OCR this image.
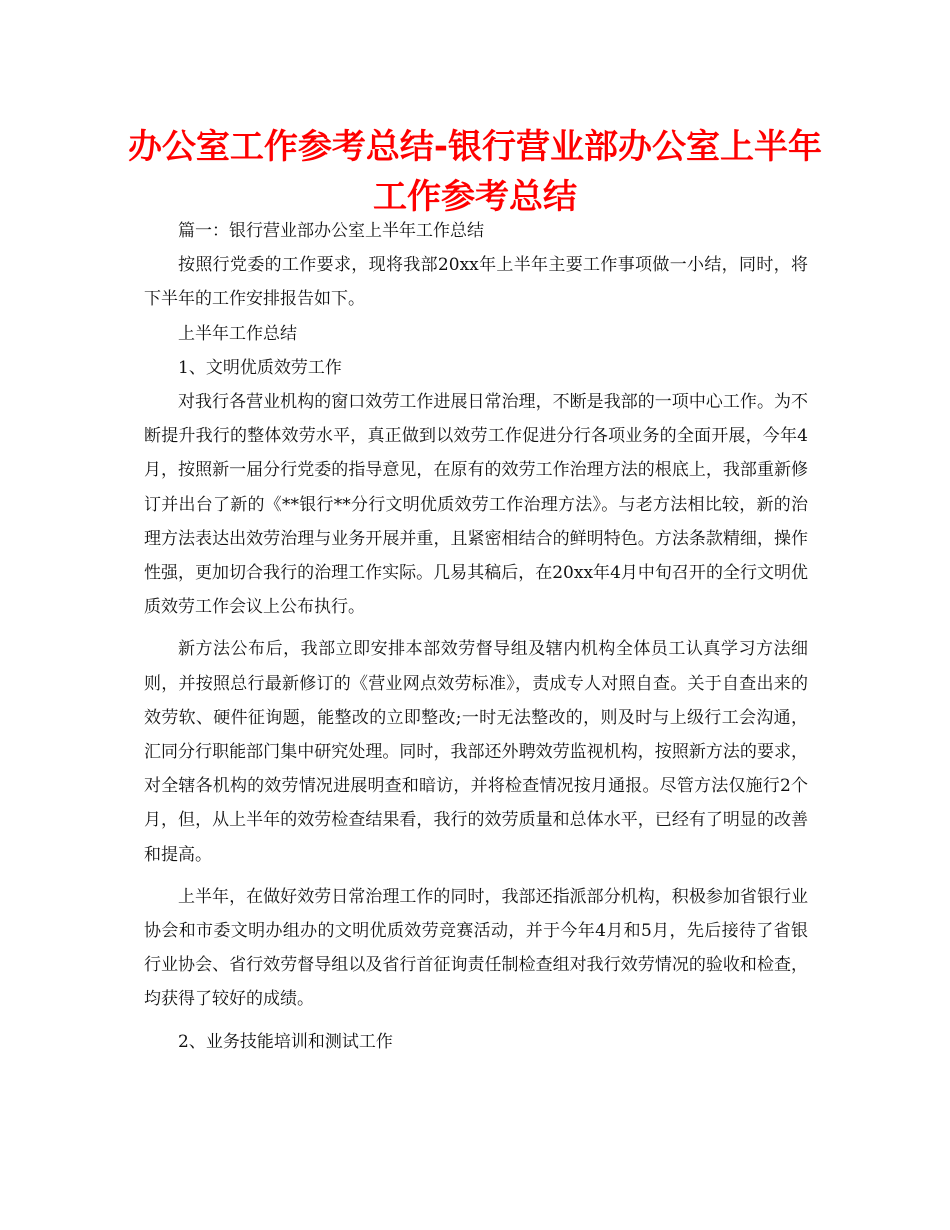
办公室工作参考总结-银行营业部办公室上半年工作参考总结

篇一：银行营业部办公室上半年工作总结

按照行党委的工作要求，现将我部20xx年上半年主要工作事项做一小结，同时，将下半年的工作安排报告如下。

上半年工作总结

1、文明优质效劳工作

对我行各营业机构的窗口效劳工作进展日常治理，不断是我部的一项中心工作。为不断提升我行的整体效劳水平，真正做到以效劳工作促进分行各项业务的全面开展，今年4月，按照新一届分行党委的指导意见，在原有的效劳工作治理方法的根底上，我部重新修订并出台了新的《**银行**分行文明优质效劳工作治理方法》。与老方法相比较，新的治理方法表达出效劳治理与业务开展并重，且紧密相结合的鲜明特色。方法条款精细，操作性强，更加切合我行的治理工作实际。几易其稿后，在20xx年4月中旬召开的全行文明优质效劳工作会议上公布执行。

新方法公布后，我部立即安排本部效劳督导组及辖内机构全体员工认真学习方法细则，并按照总行最新修订的《营业网点效劳标准》，责成专人对照自查。关于自查出来的效劳软、硬件征询题，能整改的立即整改;一时无法整改的，则及时与上级行工会沟通，汇同分行职能部门集中研究处理。同时，我部还外聘效劳监视机构，按照新方法的要求，对全辖各机构的效劳情况进展明查和暗访，并将检查情况按月通报。尽管方法仅施行2个月，但，从上半年的效劳检查结果看，我行的效劳质量和总体水平，已经有了明显的改善和提高。

上半年，在做好效劳日常治理工作的同时，我部还指派部分机构，积极参加省银行业协会和市委文明办组办的文明优质效劳竞赛活动，并于今年4月和5月，先后接待了省银行业协会、省行效劳督导组以及省行首征询责任制检查组对我行效劳情况的验收和检查，均获得了较好的成绩。

2、业务技能培训和测试工作
